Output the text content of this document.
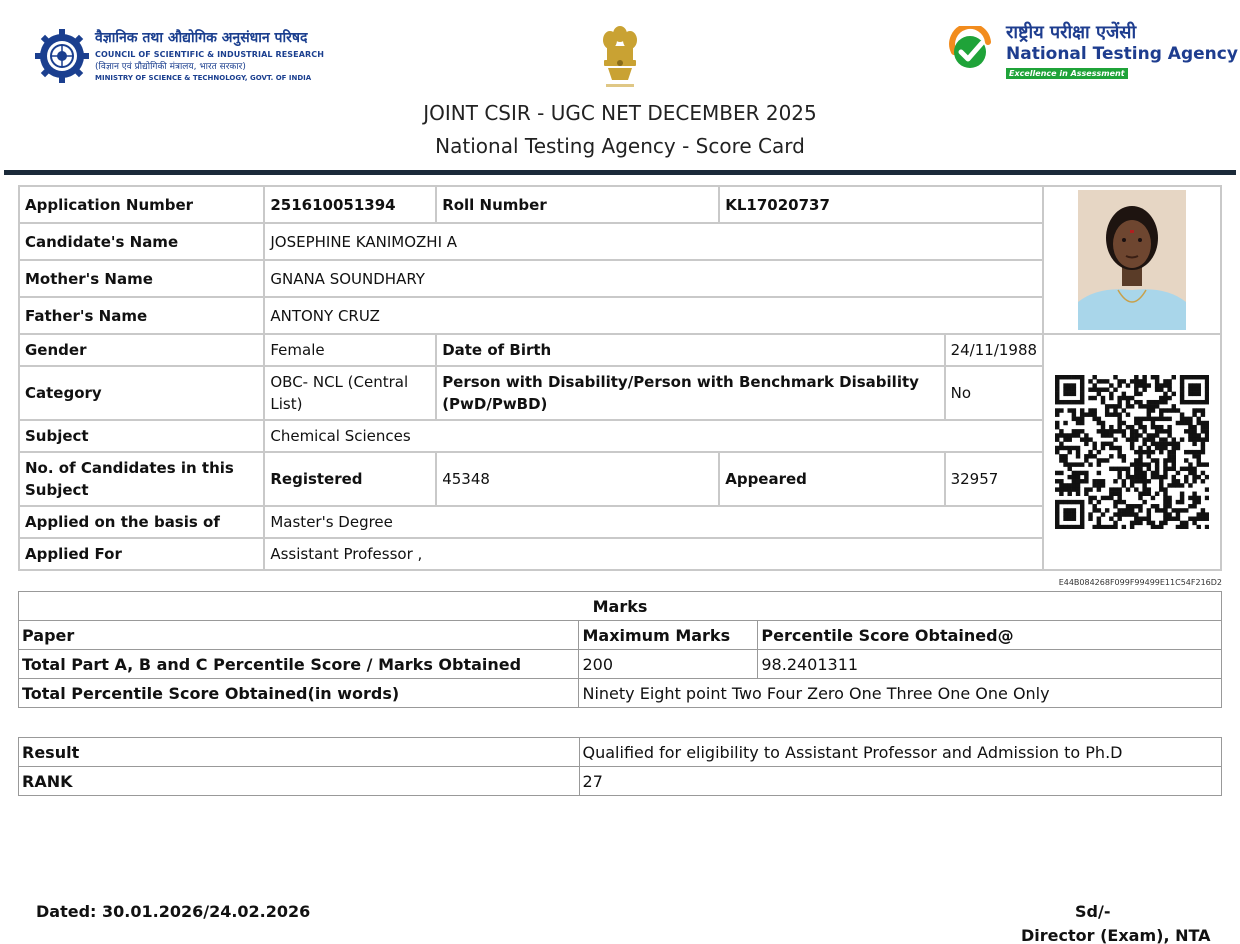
वैज्ञानिक तथा औद्योगिक अनुसंधान परिषद
COUNCIL OF SCIENTIFIC & INDUSTRIAL RESEARCH
(विज्ञान एवं प्रौद्योगिकी मंत्रालय, भारत सरकार)
MINISTRY OF SCIENCE & TECHNOLOGY, GOVT. OF INDIA
राष्ट्रीय परीक्षा एजेंसी
National Testing Agency
Excellence in Assessment
JOINT CSIR - UGC NET DECEMBER 2025
National Testing Agency - Score Card
Application Number	251610051394	Roll Number	KL17020737	

Candidate's Name	JOSEPHINE KANIMOZHI A				
Mother's Name	GNANA SOUNDHARY				
Father's Name	ANTONY CRUZ				
Gender	Female	Date of Birth		24/11/1988	

Category	OBC- NCL (Central List)	Person with Disability/Person with Benchmark Disability (PwD/PwBD)		No	
Subject	Chemical Sciences				
No. of Candidates in this Subject	Registered	45348	Appeared	32957	
Applied on the basis of	Master's Degree				
Applied For	Assistant Professor ,				
E44B084268F099F99499E11C54F216D2
Marks		
Paper	Maximum Marks	Percentile Score Obtained@
Total Part A, B and C Percentile Score / Marks Obtained	200	98.2401311
Total Percentile Score Obtained(in words)	Ninety Eight point Two Four Zero One Three One One Only	
Result	Qualified for eligibility to Assistant Professor and Admission to Ph.D
RANK	27
Dated: 30.01.2026/24.02.2026	Sd/-
Director (Exam), NTA
